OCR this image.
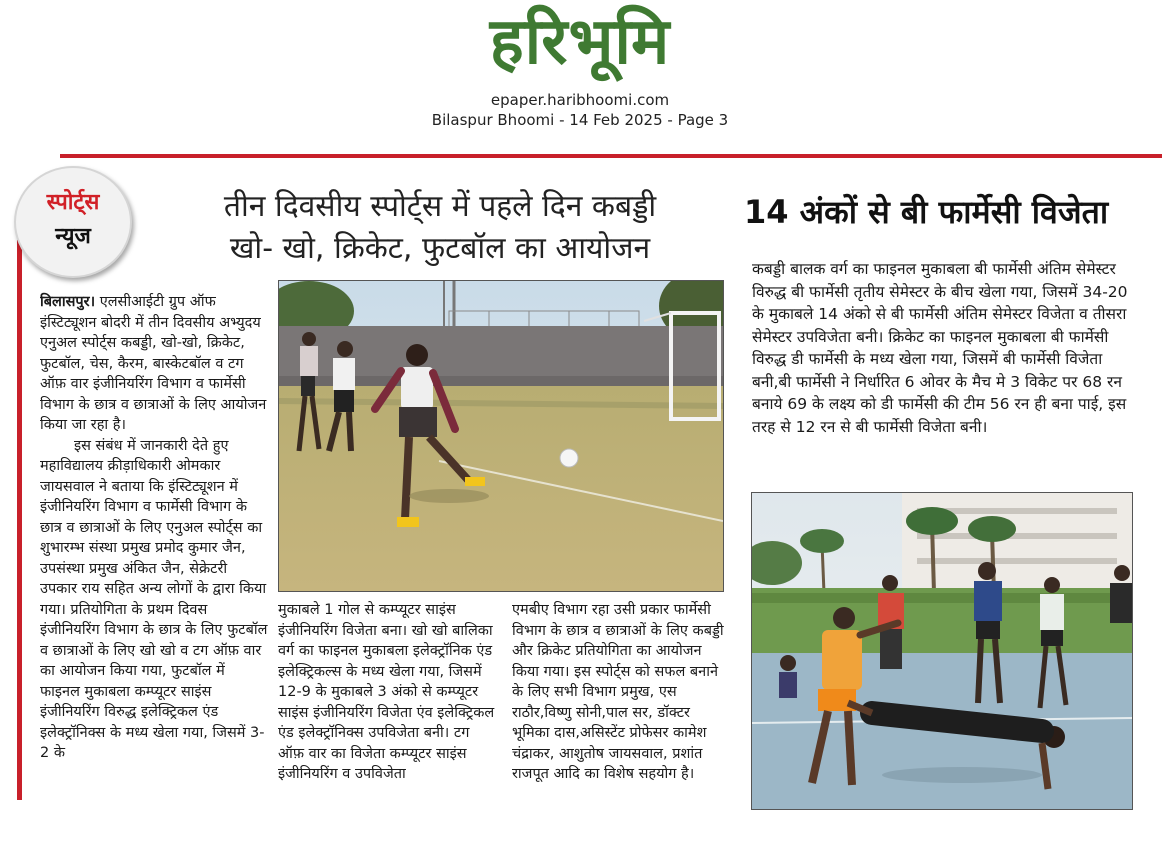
हरिभूमि
epaper.haribhoomi.com
Bilaspur Bhoomi - 14 Feb 2025 - Page 3
स्पोर्ट्स
न्यूज
तीन दिवसीय स्पोर्ट्स में पहले दिन कबड्डी
खो- खो, क्रिकेट, फुटबॉल का आयोजन
14 अंकों से बी फार्मेसी विजेता

बिलासपुर। एलसीआईटी ग्रुप ऑफ इंस्टिट्यूशन बोदरी में तीन दिवसीय अभ्युदय एनुअल स्पोर्ट्स कबड्डी, खो-खो, क्रिकेट, फुटबॉल, चेस, कैरम, बास्केटबॉल व टग ऑफ़ वार इंजीनियरिंग विभाग व फार्मेसी विभाग के छात्र व छात्राओं के लिए आयोजन किया जा रहा है।

इस संबंध में जानकारी देते हुए महाविद्यालय क्रीड़ाधिकारी ओमकार जायसवाल ने बताया कि इंस्टिट्यूशन में इंजीनियरिंग विभाग व फार्मेसी विभाग के छात्र व छात्राओं के लिए एनुअल स्पोर्ट्स का शुभारम्भ संस्था प्रमुख प्रमोद कुमार जैन, उपसंस्था प्रमुख अंकित जैन, सेक्रेटरी उपकार राय सहित अन्य लोगों के द्वारा किया गया। प्रतियोगिता के प्रथम दिवस इंजीनियरिंग विभाग के छात्र के लिए फुटबॉल व छात्राओं के लिए खो खो व टग ऑफ़ वार का आयोजन किया गया, फुटबॉल में फाइनल मुकाबला कम्प्यूटर साइंस इंजीनियरिंग विरुद्ध इलेक्ट्रिकल एंड इलेक्ट्रॉनिक्स के मध्य खेला गया, जिसमें 3-2 के

मुकाबले 1 गोल से कम्प्यूटर साइंस इंजीनियरिंग विजेता बना। खो खो बालिका वर्ग का फाइनल मुकाबला इलेक्ट्रॉनिक एंड इलेक्ट्रिकल्स के मध्य खेला गया, जिसमें 12-9 के मुकाबले 3 अंको से कम्प्यूटर साइंस इंजीनियरिंग विजेता एंव इलेक्ट्रिकल एंड इलेक्ट्रॉनिक्स उपविजेता बनी। टग ऑफ़ वार का विजेता कम्प्यूटर साइंस इंजीनियरिंग व उपविजेता

एमबीए विभाग रहा उसी प्रकार फार्मेसी विभाग के छात्र व छात्राओं के लिए कबड्डी और क्रिकेट प्रतियोगिता का आयोजन किया गया। इस स्पोर्ट्स को सफल बनाने के लिए सभी विभाग प्रमुख, एस राठौर,विष्णु सोनी,पाल सर, डॉक्टर भूमिका दास,असिस्टेंट प्रोफेसर कामेश चंद्राकर, आशुतोष जायसवाल, प्रशांत राजपूत आदि का विशेष सहयोग है।

कबड्डी बालक वर्ग का फाइनल मुकाबला बी फार्मेसी अंतिम सेमेस्टर विरुद्ध बी फार्मेसी तृतीय सेमेस्टर के बीच खेला गया, जिसमें 34-20 के मुकाबले 14 अंको से बी फार्मेसी अंतिम सेमेस्टर विजेता व तीसरा सेमेस्टर उपविजेता बनी। क्रिकेट का फाइनल मुकाबला बी फार्मेसी विरुद्ध डी फार्मेसी के मध्य खेला गया, जिसमें बी फार्मेसी विजेता बनी,बी फार्मेसी ने निर्धारित 6 ओवर के मैच मे 3 विकेट पर 68 रन बनाये 69 के लक्ष्य को डी फार्मेसी की टीम 56 रन ही बना पाई, इस तरह से 12 रन से बी फार्मेसी विजेता बनी।
